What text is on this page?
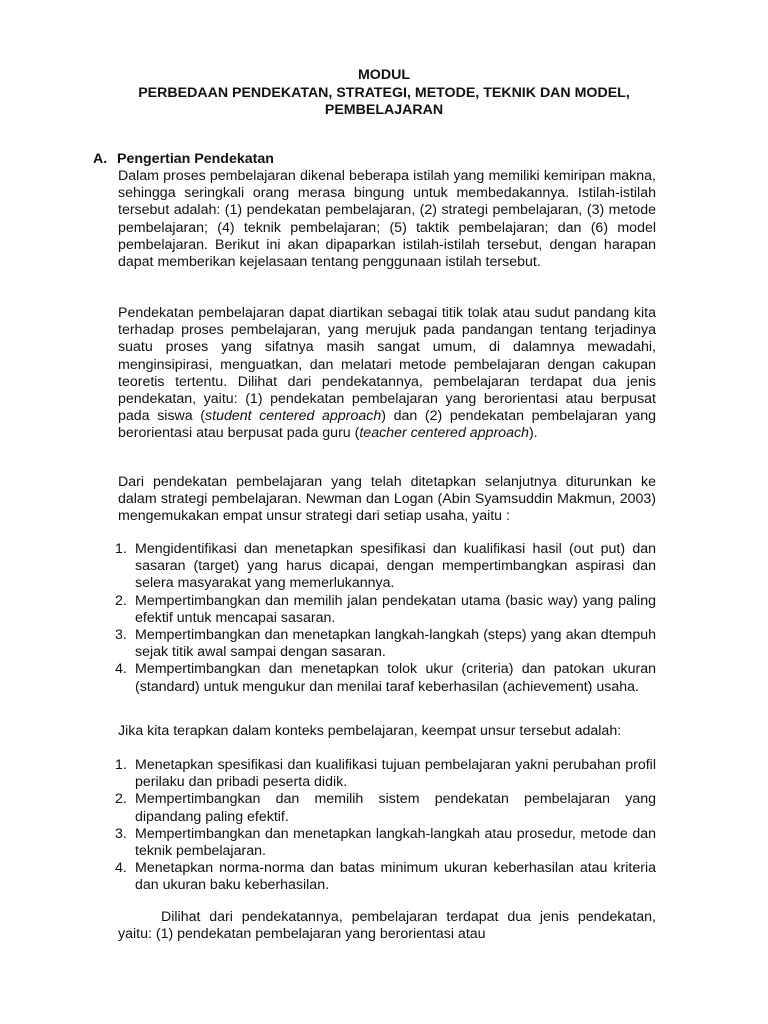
MODUL
PERBEDAAN PENDEKATAN, STRATEGI, METODE, TEKNIK DAN MODEL,
PEMBELAJARAN
A. Pengertian Pendekatan
Dalam proses pembelajaran dikenal beberapa istilah yang memiliki kemiripan makna, sehingga seringkali orang merasa bingung untuk membedakannya. Istilah-istilah tersebut adalah: (1) pendekatan pembelajaran, (2) strategi pembelajaran, (3) metode pembelajaran; (4) teknik pembelajaran; (5) taktik pembelajaran; dan (6) model pembelajaran. Berikut ini akan dipaparkan istilah-istilah tersebut, dengan harapan dapat memberikan kejelasaan tentang penggunaan istilah tersebut.
Pendekatan pembelajaran dapat diartikan sebagai titik tolak atau sudut pandang kita terhadap proses pembelajaran, yang merujuk pada pandangan tentang terjadinya suatu proses yang sifatnya masih sangat umum, di dalamnya mewadahi, menginsipirasi, menguatkan, dan melatari metode pembelajaran dengan cakupan teoretis tertentu. Dilihat dari pendekatannya, pembelajaran terdapat dua jenis pendekatan, yaitu: (1) pendekatan pembelajaran yang berorientasi atau berpusat pada siswa (student centered approach) dan (2) pendekatan pembelajaran yang berorientasi atau berpusat pada guru (teacher centered approach).
Dari pendekatan pembelajaran yang telah ditetapkan selanjutnya diturunkan ke dalam strategi pembelajaran. Newman dan Logan (Abin Syamsuddin Makmun, 2003) mengemukakan empat unsur strategi dari setiap usaha, yaitu :
1. Mengidentifikasi dan menetapkan spesifikasi dan kualifikasi hasil (out put) dan sasaran (target) yang harus dicapai, dengan mempertimbangkan aspirasi dan selera masyarakat yang memerlukannya.
2. Mempertimbangkan dan memilih jalan pendekatan utama (basic way) yang paling efektif untuk mencapai sasaran.
3. Mempertimbangkan dan menetapkan langkah-langkah (steps) yang akan dtempuh sejak titik awal sampai dengan sasaran.
4. Mempertimbangkan dan menetapkan tolok ukur (criteria) dan patokan ukuran (standard) untuk mengukur dan menilai taraf keberhasilan (achievement) usaha.
Jika kita terapkan dalam konteks pembelajaran, keempat unsur tersebut adalah:
1. Menetapkan spesifikasi dan kualifikasi tujuan pembelajaran yakni perubahan profil perilaku dan pribadi peserta didik.
2. Mempertimbangkan dan memilih sistem pendekatan pembelajaran yang dipandang paling efektif.
3. Mempertimbangkan dan menetapkan langkah-langkah atau prosedur, metode dan teknik pembelajaran.
4. Menetapkan norma-norma dan batas minimum ukuran keberhasilan atau kriteria dan ukuran baku keberhasilan.
Dilihat dari pendekatannya, pembelajaran terdapat dua jenis pendekatan, yaitu: (1) pendekatan pembelajaran yang berorientasi atau
